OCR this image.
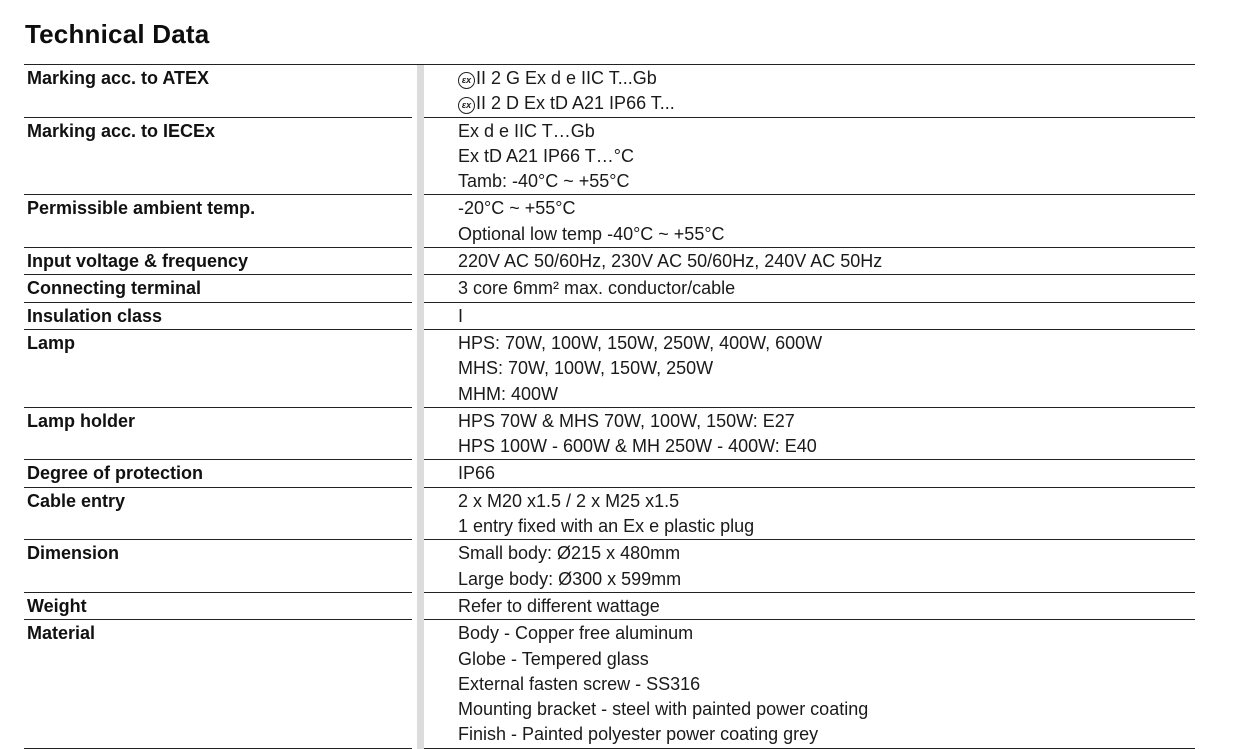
Technical Data
Marking acc. to ATEX	εx II 2 G Ex d e IIC T...Gb
εx II 2 D Ex tD A21 IP66 T...
Marking acc. to IECEx	Ex d e IIC T…Gb
Ex tD A21 IP66 T…°C
Tamb: -40°C ~ +55°C
Permissible ambient temp.	-20°C ~ +55°C
Optional low temp -40°C ~ +55°C
Input voltage & frequency	220V AC 50/60Hz, 230V AC 50/60Hz, 240V AC 50Hz
Connecting terminal	3 core 6mm² max. conductor/cable
Insulation class	I
Lamp	HPS: 70W, 100W, 150W, 250W, 400W, 600W
MHS: 70W, 100W, 150W, 250W
MHM: 400W
Lamp holder	HPS 70W & MHS 70W, 100W, 150W: E27
HPS 100W - 600W & MH 250W - 400W: E40
Degree of protection	IP66
Cable entry	2 x M20 x1.5 / 2 x M25 x1.5
1 entry fixed with an Ex e plastic plug
Dimension	Small body: Ø215 x 480mm
Large body: Ø300 x 599mm
Weight	Refer to different wattage
Material	Body - Copper free aluminum
Globe - Tempered glass
External fasten screw - SS316
Mounting bracket - steel with painted power coating
Finish - Painted polyester power coating grey
